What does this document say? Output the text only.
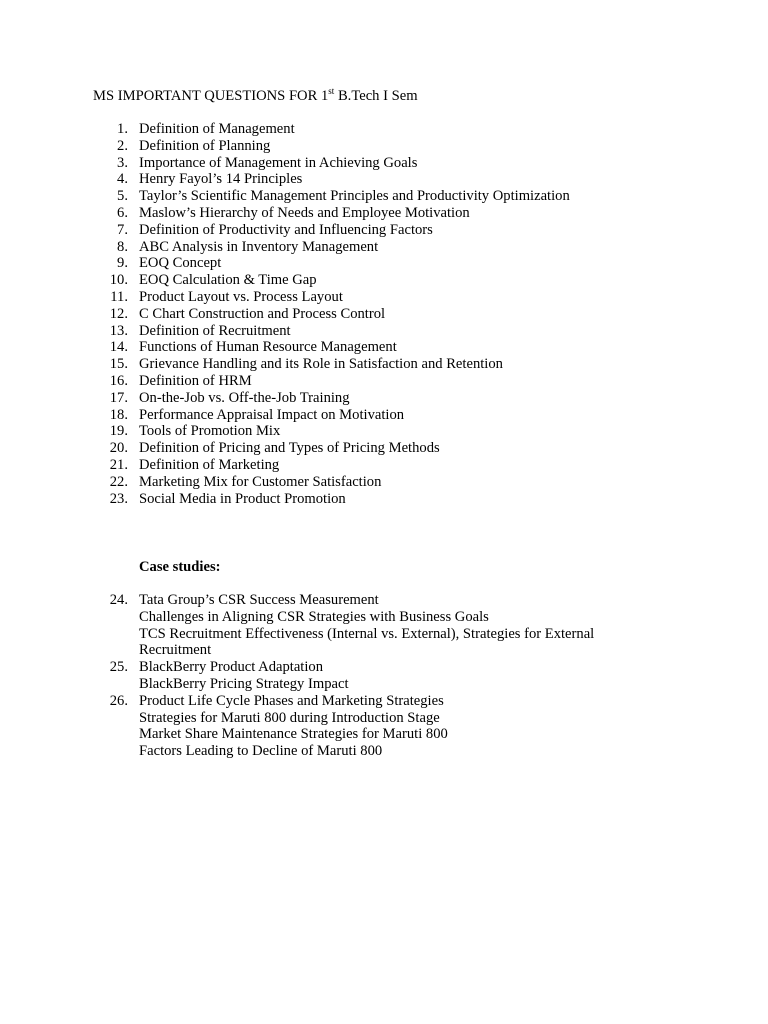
MS IMPORTANT QUESTIONS FOR 1st B.Tech I Sem
1. Definition of Management
2. Definition of Planning
3. Importance of Management in Achieving Goals
4. Henry Fayol’s 14 Principles
5. Taylor’s Scientific Management Principles and Productivity Optimization
6. Maslow’s Hierarchy of Needs and Employee Motivation
7. Definition of Productivity and Influencing Factors
8. ABC Analysis in Inventory Management
9. EOQ Concept
10. EOQ Calculation & Time Gap
11. Product Layout vs. Process Layout
12. C Chart Construction and Process Control
13. Definition of Recruitment
14. Functions of Human Resource Management
15. Grievance Handling and its Role in Satisfaction and Retention
16. Definition of HRM
17. On-the-Job vs. Off-the-Job Training
18. Performance Appraisal Impact on Motivation
19. Tools of Promotion Mix
20. Definition of Pricing and Types of Pricing Methods
21. Definition of Marketing
22. Marketing Mix for Customer Satisfaction
23. Social Media in Product Promotion
Case studies:
24. Tata Group’s CSR Success Measurement
Challenges in Aligning CSR Strategies with Business Goals
TCS Recruitment Effectiveness (Internal vs. External), Strategies for External Recruitment
25. BlackBerry Product Adaptation
BlackBerry Pricing Strategy Impact
26. Product Life Cycle Phases and Marketing Strategies
Strategies for Maruti 800 during Introduction Stage
Market Share Maintenance Strategies for Maruti 800
Factors Leading to Decline of Maruti 800
